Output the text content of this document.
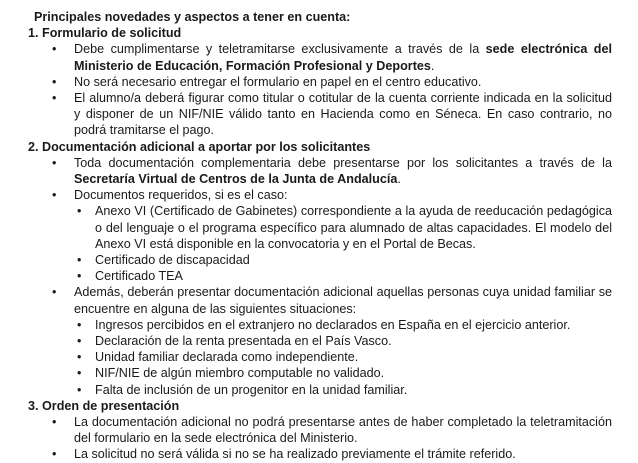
Principales novedades y aspectos a tener en cuenta:

1. Formulario de solicitud

• Debe cumplimentarse y teletramitarse exclusivamente a través de la sede electrónica del Ministerio de Educación, Formación Profesional y Deportes.
• No será necesario entregar el formulario en papel en el centro educativo.
• El alumno/a deberá figurar como titular o cotitular de la cuenta corriente indicada en la solicitud y disponer de un NIF/NIE válido tanto en Hacienda como en Séneca. En caso contrario, no podrá tramitarse el pago.

2. Documentación adicional a aportar por los solicitantes

• Toda documentación complementaria debe presentarse por los solicitantes a través de la Secretaría Virtual de Centros de la Junta de Andalucía.
• Documentos requeridos, si es el caso:
• Anexo VI (Certificado de Gabinetes) correspondiente a la ayuda de reeducación pedagógica o del lenguaje o el programa específico para alumnado de altas capacidades. El modelo del Anexo VI está disponible en la convocatoria y en el Portal de Becas.
• Certificado de discapacidad
• Certificado TEA
• Además, deberán presentar documentación adicional aquellas personas cuya unidad familiar se encuentre en alguna de las siguientes situaciones:
• Ingresos percibidos en el extranjero no declarados en España en el ejercicio anterior.
• Declaración de la renta presentada en el País Vasco.
• Unidad familiar declarada como independiente.
• NIF/NIE de algún miembro computable no validado.
• Falta de inclusión de un progenitor en la unidad familiar.

3. Orden de presentación

• La documentación adicional no podrá presentarse antes de haber completado la teletramitación del formulario en la sede electrónica del Ministerio.
• La solicitud no será válida si no se ha realizado previamente el trámite referido.
